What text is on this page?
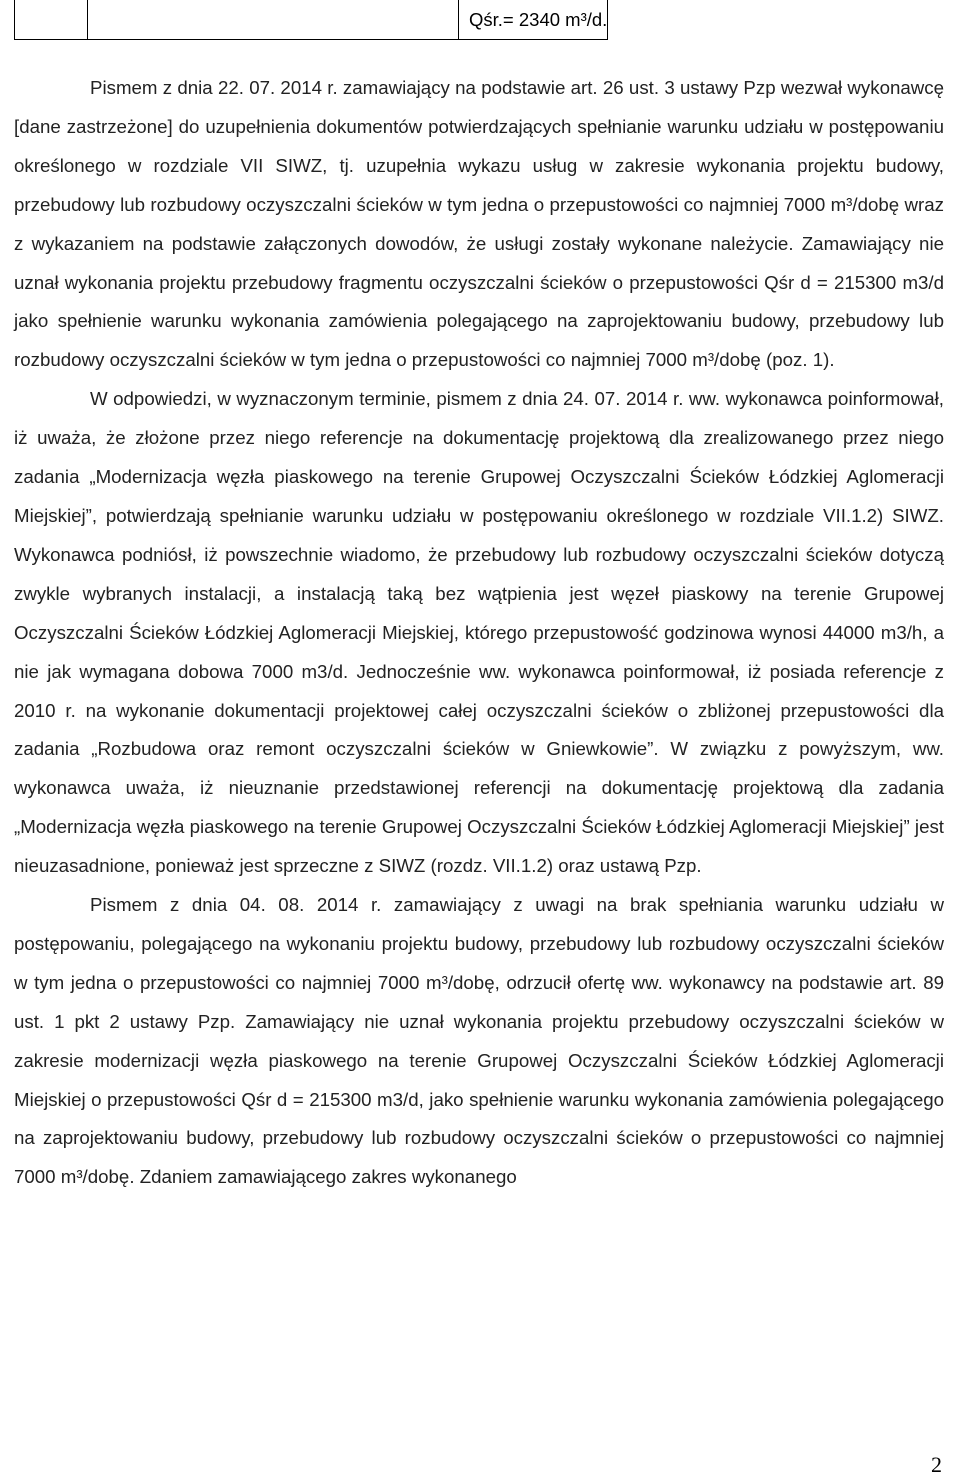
		Qśr.= 2340 m³/d.

Pismem z dnia 22. 07. 2014 r. zamawiający na podstawie art. 26 ust. 3 ustawy Pzp wezwał wykonawcę [dane zastrzeżone] do uzupełnienia dokumentów potwierdzających spełnianie warunku udziału w postępowaniu określonego w rozdziale VII SIWZ, tj. uzupełnia wykazu usług w zakresie wykonania projektu budowy, przebudowy lub rozbudowy oczyszczalni ścieków w tym jedna o przepustowości co najmniej 7000 m³/dobę wraz z wykazaniem na podstawie załączonych dowodów, że usługi zostały wykonane należycie. Zamawiający nie uznał wykonania projektu przebudowy fragmentu oczyszczalni ścieków o przepustowości Qśr d = 215300 m3/d jako spełnienie warunku wykonania zamówienia polegającego na zaprojektowaniu budowy, przebudowy lub rozbudowy oczyszczalni ścieków w tym jedna o przepustowości co najmniej 7000 m³/dobę (poz. 1).

W odpowiedzi, w wyznaczonym terminie, pismem z dnia 24. 07. 2014 r. ww. wykonawca poinformował, iż uważa, że złożone przez niego referencje na dokumentację projektową dla zrealizowanego przez niego zadania „Modernizacja węzła piaskowego na terenie Grupowej Oczyszczalni Ścieków Łódzkiej Aglomeracji Miejskiej”, potwierdzają spełnianie warunku udziału w postępowaniu określonego w rozdziale VII.1.2) SIWZ. Wykonawca podniósł, iż powszechnie wiadomo, że przebudowy lub rozbudowy oczyszczalni ścieków dotyczą zwykle wybranych instalacji, a instalacją taką bez wątpienia jest węzeł piaskowy na terenie Grupowej Oczyszczalni Ścieków Łódzkiej Aglomeracji Miejskiej, którego przepustowość godzinowa wynosi 44000 m3/h, a nie jak wymagana dobowa 7000 m3/d. Jednocześnie ww. wykonawca poinformował, iż posiada referencje z 2010 r. na wykonanie dokumentacji projektowej całej oczyszczalni ścieków o zbliżonej przepustowości dla zadania „Rozbudowa oraz remont oczyszczalni ścieków w Gniewkowie”. W związku z powyższym, ww. wykonawca uważa, iż nieuznanie przedstawionej referencji na dokumentację projektową dla zadania „Modernizacja węzła piaskowego na terenie Grupowej Oczyszczalni Ścieków Łódzkiej Aglomeracji Miejskiej” jest nieuzasadnione, ponieważ jest sprzeczne z SIWZ (rozdz. VII.1.2) oraz ustawą Pzp.

Pismem z dnia 04. 08. 2014 r. zamawiający z uwagi na brak spełniania warunku udziału w postępowaniu, polegającego na wykonaniu projektu budowy, przebudowy lub rozbudowy oczyszczalni ścieków w tym jedna o przepustowości co najmniej 7000 m³/dobę, odrzucił ofertę ww. wykonawcy na podstawie art. 89 ust. 1 pkt 2 ustawy Pzp. Zamawiający nie uznał wykonania projektu przebudowy oczyszczalni ścieków w zakresie modernizacji węzła piaskowego na terenie Grupowej Oczyszczalni Ścieków Łódzkiej Aglomeracji Miejskiej o przepustowości Qśr d = 215300 m3/d, jako spełnienie warunku wykonania zamówienia polegającego na zaprojektowaniu budowy, przebudowy lub rozbudowy oczyszczalni ścieków o przepustowości co najmniej 7000 m³/dobę. Zdaniem zamawiającego zakres wykonanego

2
